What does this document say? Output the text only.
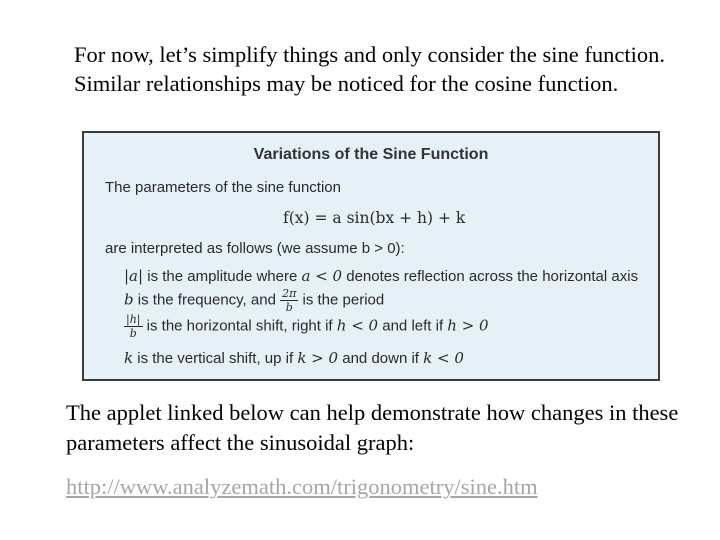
For now, let’s simplify things and only consider the sine function. Similar relationships may be noticed for the cosine function.

Variations of the Sine Function
The parameters of the sine function
f(x) = a sin(bx + h) + k
are interpreted as follows (we assume b > 0):
|a| is the amplitude where a < 0 denotes reflection across the horizontal axis
b is the frequency, and $\frac{2\pi}{b}$ is the period
$\frac{|h|}{b}$ is the horizontal shift, right if h < 0 and left if h > 0
k is the vertical shift, up if k > 0 and down if k < 0

The applet linked below can help demonstrate how changes in these parameters affect the sinusoidal graph:

http://www.analyzemath.com/trigonometry/sine.htm
